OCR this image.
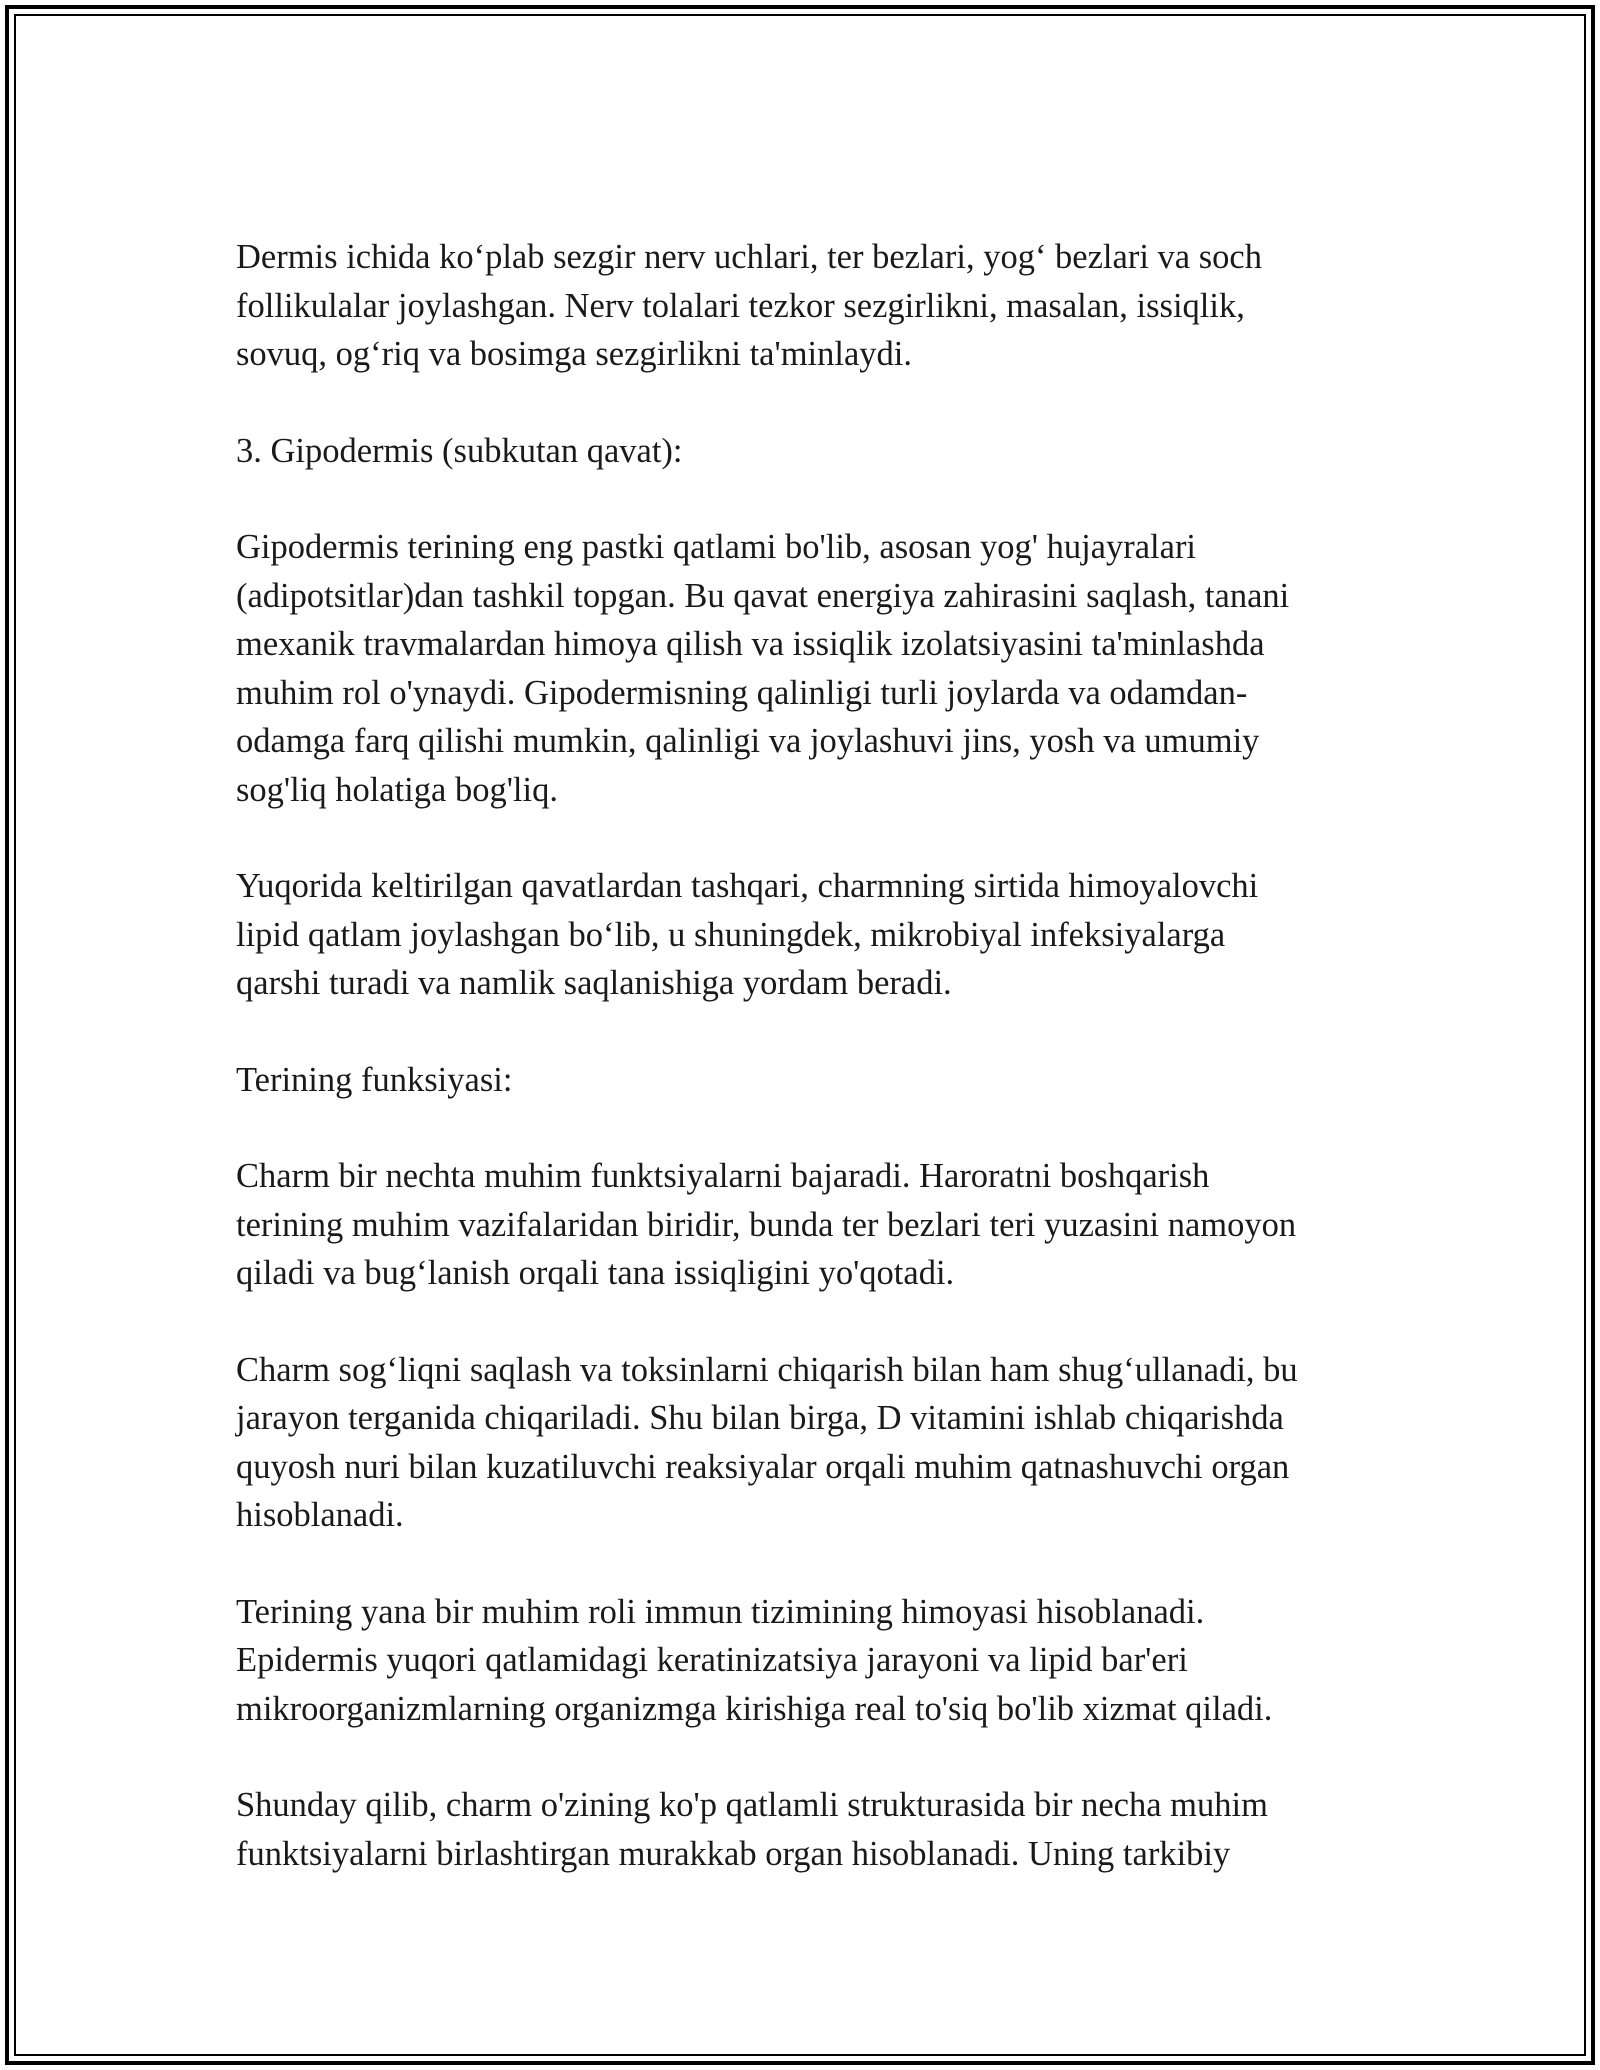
Dermis ichida ko‘plab sezgir nerv uchlari, ter bezlari, yog‘ bezlari va soch
follikulalar joylashgan. Nerv tolalari tezkor sezgirlikni, masalan, issiqlik,
sovuq, og‘riq va bosimga sezgirlikni ta'minlaydi.

3. Gipodermis (subkutan qavat):

Gipodermis terining eng pastki qatlami bo'lib, asosan yog' hujayralari
(adipotsitlar)dan tashkil topgan. Bu qavat energiya zahirasini saqlash, tanani
mexanik travmalardan himoya qilish va issiqlik izolatsiyasini ta'minlashda
muhim rol o'ynaydi. Gipodermisning qalinligi turli joylarda va odamdan-
odamga farq qilishi mumkin, qalinligi va joylashuvi jins, yosh va umumiy
sog'liq holatiga bog'liq.

Yuqorida keltirilgan qavatlardan tashqari, charmning sirtida himoyalovchi
lipid qatlam joylashgan bo‘lib, u shuningdek, mikrobiyal infeksiyalarga
qarshi turadi va namlik saqlanishiga yordam beradi.

Terining funksiyasi:

Charm bir nechta muhim funktsiyalarni bajaradi. Haroratni boshqarish
terining muhim vazifalaridan biridir, bunda ter bezlari teri yuzasini namoyon
qiladi va bug‘lanish orqali tana issiqligini yo'qotadi.

Charm sog‘liqni saqlash va toksinlarni chiqarish bilan ham shug‘ullanadi, bu
jarayon terganida chiqariladi. Shu bilan birga, D vitamini ishlab chiqarishda
quyosh nuri bilan kuzatiluvchi reaksiyalar orqali muhim qatnashuvchi organ
hisoblanadi.

Terining yana bir muhim roli immun tizimining himoyasi hisoblanadi.
Epidermis yuqori qatlamidagi keratinizatsiya jarayoni va lipid bar'eri
mikroorganizmlarning organizmga kirishiga real to'siq bo'lib xizmat qiladi.

Shunday qilib, charm o'zining ko'p qatlamli strukturasida bir necha muhim
funktsiyalarni birlashtirgan murakkab organ hisoblanadi. Uning tarkibiy
